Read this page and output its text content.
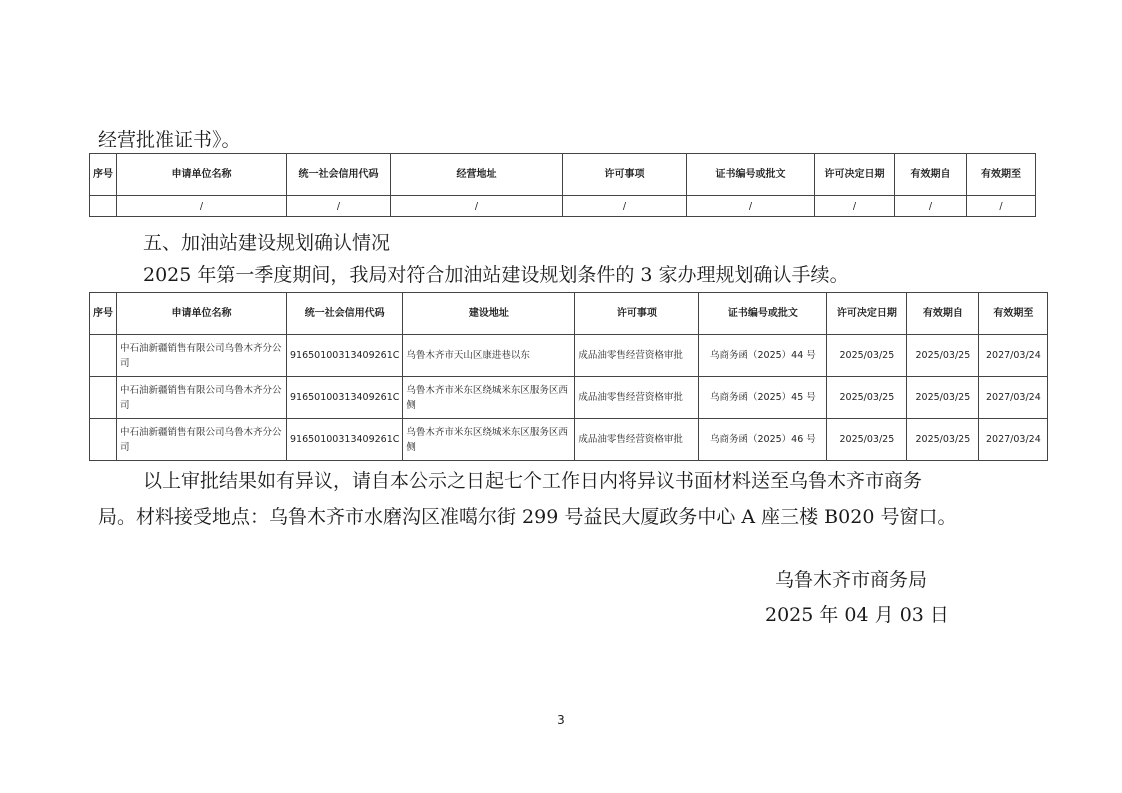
经营批准证书》。
序号	申请单位名称	统一社会信用代码	经营地址	许可事项	证书编号或批文	许可决定日期	有效期自	有效期至
	/	/	/	/	/	/	/	/
五、加油站建设规划确认情况
2025 年第一季度期间，我局对符合加油站建设规划条件的 3 家办理规划确认手续。
序号	申请单位名称	统一社会信用代码	建设地址	许可事项	证书编号或批文	许可决定日期	有效期自	有效期至
	中石油新疆销售有限公司乌鲁木齐分公司	91650100313409261C	乌鲁木齐市天山区康进巷以东	成品油零售经营资格审批	乌商务函（2025）44 号	2025/03/25	2025/03/25	2027/03/24
	中石油新疆销售有限公司乌鲁木齐分公司	91650100313409261C	乌鲁木齐市米东区绕城米东区服务区西侧	成品油零售经营资格审批	乌商务函（2025）45 号	2025/03/25	2025/03/25	2027/03/24
	中石油新疆销售有限公司乌鲁木齐分公司	91650100313409261C	乌鲁木齐市米东区绕城米东区服务区西侧	成品油零售经营资格审批	乌商务函（2025）46 号	2025/03/25	2025/03/25	2027/03/24
以上审批结果如有异议，请自本公示之日起七个工作日内将异议书面材料送至乌鲁木齐市商务
局。材料接受地点：乌鲁木齐市水磨沟区准噶尔街 299 号益民大厦政务中心 A 座三楼 B020 号窗口。
乌鲁木齐市商务局
2025 年 04 月 03 日
3
